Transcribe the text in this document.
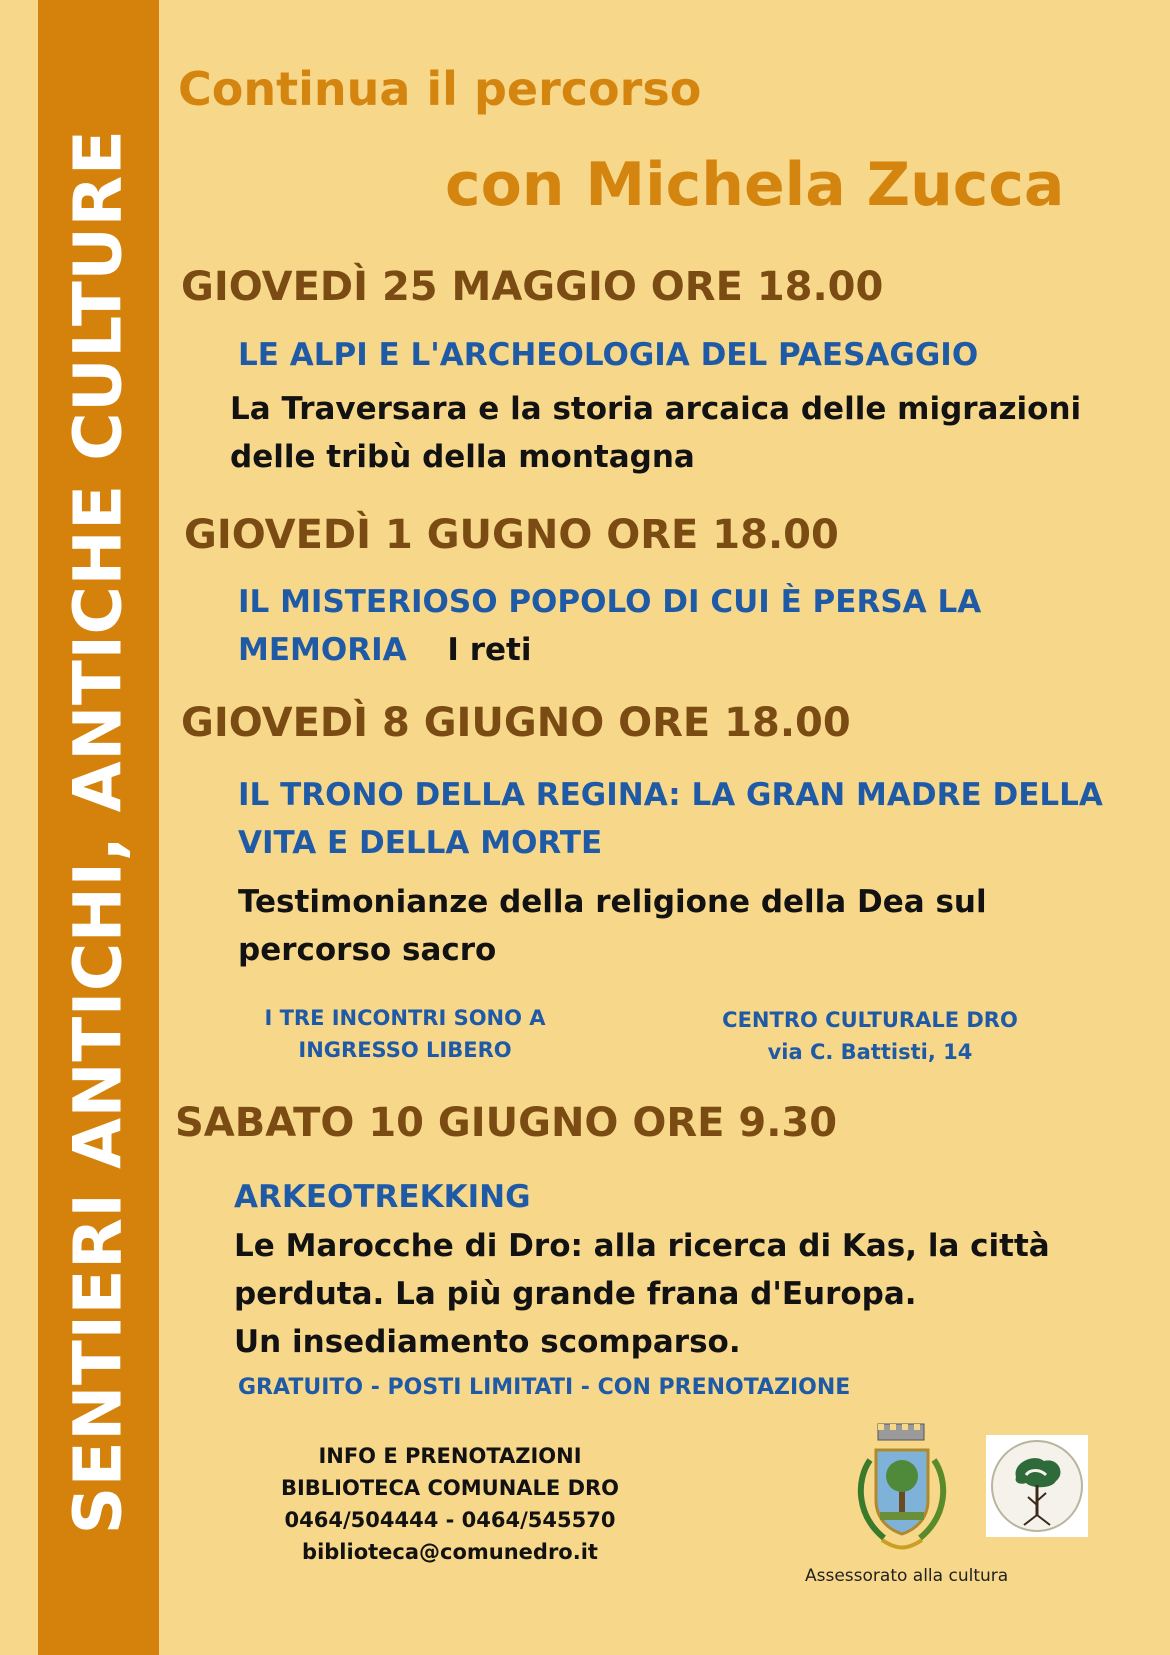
SENTIERI ANTICHI, ANTICHE CULTURE
Continua il percorso
con Michela Zucca
GIOVEDÌ 25 MAGGIO ORE 18.00
LE ALPI E L'ARCHEOLOGIA DEL PAESAGGIO
La Traversara e la storia arcaica delle migrazioni
delle tribù della montagna
GIOVEDÌ 1 GUGNO ORE 18.00
IL MISTERIOSO POPOLO DI CUI È PERSA LA
MEMORIA I reti
GIOVEDÌ 8 GIUGNO ORE 18.00
IL TRONO DELLA REGINA: LA GRAN MADRE DELLA
VITA E DELLA MORTE
Testimonianze della religione della Dea sul
percorso sacro
I TRE INCONTRI SONO A
INGRESSO LIBERO
CENTRO CULTURALE DRO
via C. Battisti, 14
SABATO 10 GIUGNO ORE 9.30
ARKEOTREKKING
Le Marocche di Dro: alla ricerca di Kas, la città
perduta. La più grande frana d'Europa.
Un insediamento scomparso.
GRATUITO - POSTI LIMITATI - CON PRENOTAZIONE
INFO E PRENOTAZIONI
BIBLIOTECA COMUNALE DRO
0464/504444 - 0464/545570
biblioteca@comunedro.it
Assessorato alla cultura
